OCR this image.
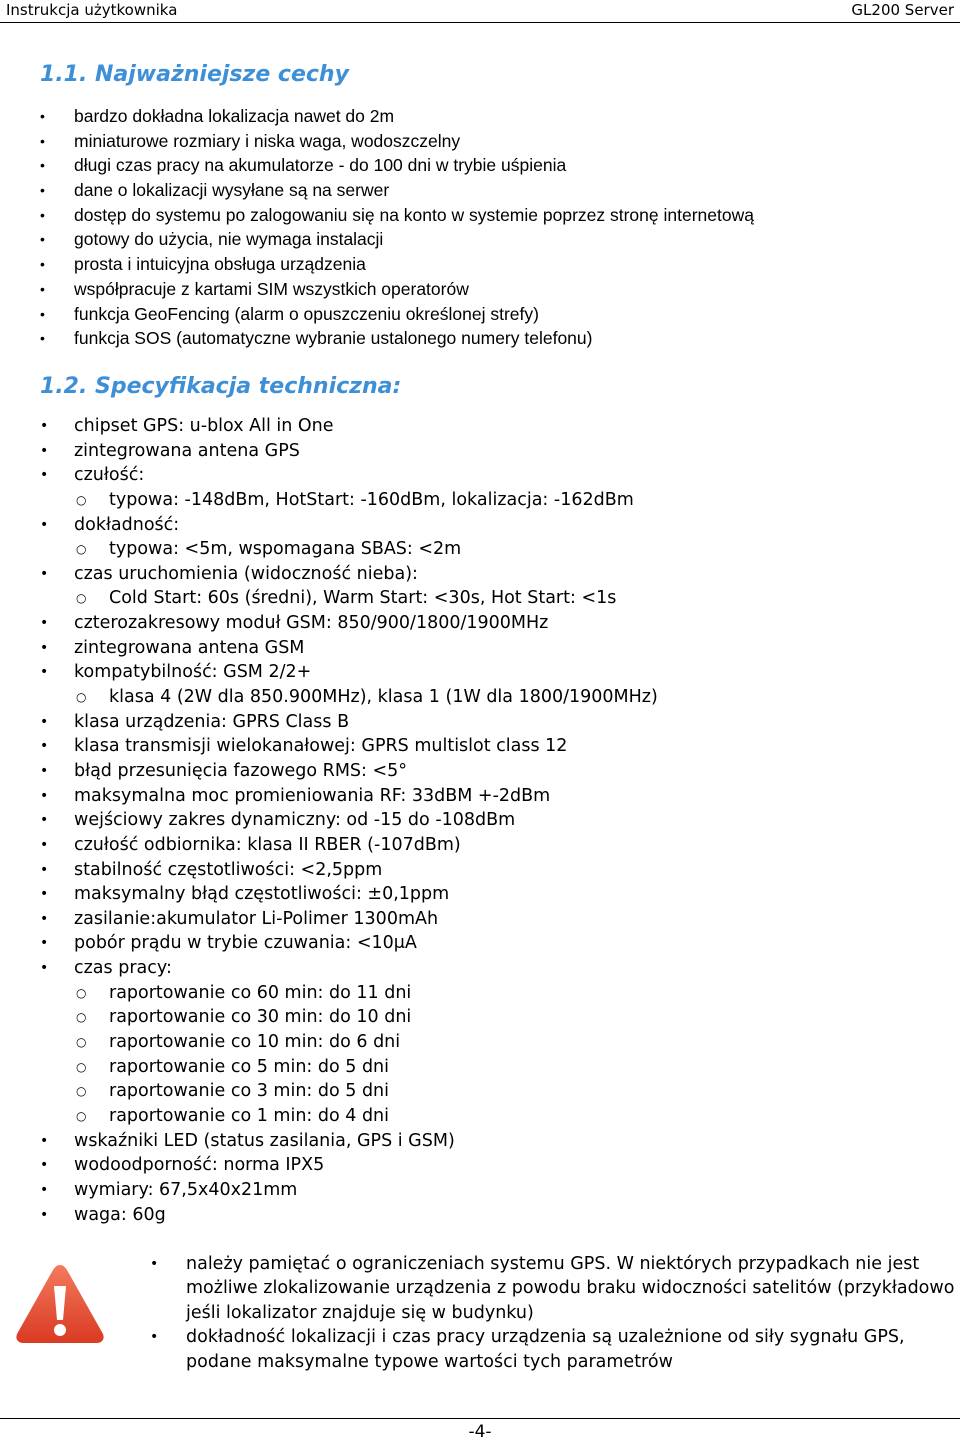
Instrukcja użytkownika	GL200 Server
1.1. Najważniejsze cechy
• bardzo dokładna lokalizacja nawet do 2m
• miniaturowe rozmiary i niska waga, wodoszczelny
• długi czas pracy na akumulatorze - do 100 dni w trybie uśpienia
• dane o lokalizacji wysyłane są na serwer
• dostęp do systemu po zalogowaniu się na konto w systemie poprzez stronę internetową
• gotowy do użycia, nie wymaga instalacji
• prosta i intuicyjna obsługa urządzenia
• współpracuje z kartami SIM wszystkich operatorów
• funkcja GeoFencing (alarm o opuszczeniu określonej strefy)
• funkcja SOS (automatyczne wybranie ustalonego numery telefonu)
1.2. Specyfikacja techniczna:
• chipset GPS: u-blox All in One
• zintegrowana antena GPS
• czułość:
○ typowa: -148dBm, HotStart: -160dBm, lokalizacja: -162dBm
• dokładność:
○ typowa: <5m, wspomagana SBAS: <2m
• czas uruchomienia (widoczność nieba):
○ Cold Start: 60s (średni), Warm Start: <30s, Hot Start: <1s
• czterozakresowy moduł GSM: 850/900/1800/1900MHz
• zintegrowana antena GSM
• kompatybilność: GSM 2/2+
○ klasa 4 (2W dla 850.900MHz), klasa 1 (1W dla 1800/1900MHz)
• klasa urządzenia: GPRS Class B
• klasa transmisji wielokanałowej: GPRS multislot class 12
• błąd przesunięcia fazowego RMS: <5°
• maksymalna moc promieniowania RF: 33dBM +-2dBm
• wejściowy zakres dynamiczny: od -15 do -108dBm
• czułość odbiornika: klasa II RBER (-107dBm)
• stabilność częstotliwości: <2,5ppm
• maksymalny błąd częstotliwości: ±0,1ppm
• zasilanie:akumulator Li-Polimer 1300mAh
• pobór prądu w trybie czuwania: <10μA
• czas pracy:
○ raportowanie co 60 min: do 11 dni
○ raportowanie co 30 min: do 10 dni
○ raportowanie co 10 min: do 6 dni
○ raportowanie co 5 min: do 5 dni
○ raportowanie co 3 min: do 5 dni
○ raportowanie co 1 min: do 4 dni
• wskaźniki LED (status zasilania, GPS i GSM)
• wodoodporność: norma IPX5
• wymiary: 67,5x40x21mm
• waga: 60g
• należy pamiętać o ograniczeniach systemu GPS. W niektórych przypadkach nie jest możliwe zlokalizowanie urządzenia z powodu braku widoczności satelitów (przykładowo jeśli lokalizator znajduje się w budynku)
• dokładność lokalizacji i czas pracy urządzenia są uzależnione od siły sygnału GPS, podane maksymalne typowe wartości tych parametrów
-4-
